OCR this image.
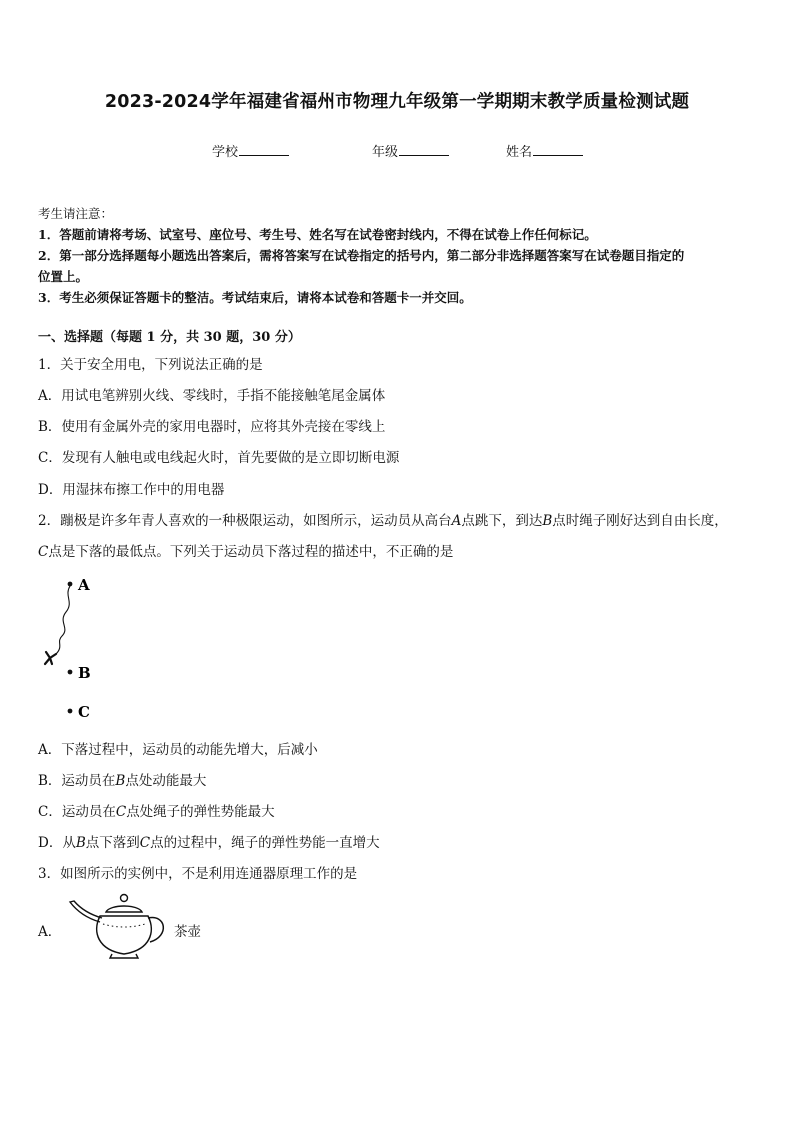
2023-2024学年福建省福州市物理九年级第一学期期末教学质量检测试题
学校	年级	姓名
考生请注意：
1．答题前请将考场、试室号、座位号、考生号、姓名写在试卷密封线内，不得在试卷上作任何标记。
2．第一部分选择题每小题选出答案后，需将答案写在试卷指定的括号内，第二部分非选择题答案写在试卷题目指定的
位置上。
3．考生必须保证答题卡的整洁。考试结束后，请将本试卷和答题卡一并交回。
一、选择题（每题 1 分，共 30 题，30 分）
1．关于安全用电，下列说法正确的是
A．用试电笔辨别火线、零线时，手指不能接触笔尾金属体
B．使用有金属外壳的家用电器时，应将其外壳接在零线上
C．发现有人触电或电线起火时，首先要做的是立即切断电源
D．用湿抹布擦工作中的用电器
2．蹦极是许多年青人喜欢的一种极限运动，如图所示，运动员从高台A点跳下，到达B点时绳子刚好达到自由长度，
C点是下落的最低点。下列关于运动员下落过程的描述中，不正确的是
A
B
C
A．下落过程中，运动员的动能先增大，后减小
B．运动员在B点处动能最大
C．运动员在C点处绳子的弹性势能最大
D．从B点下落到C点的过程中，绳子的弹性势能一直增大
3．如图所示的实例中，不是利用连通器原理工作的是
A．	茶壶
